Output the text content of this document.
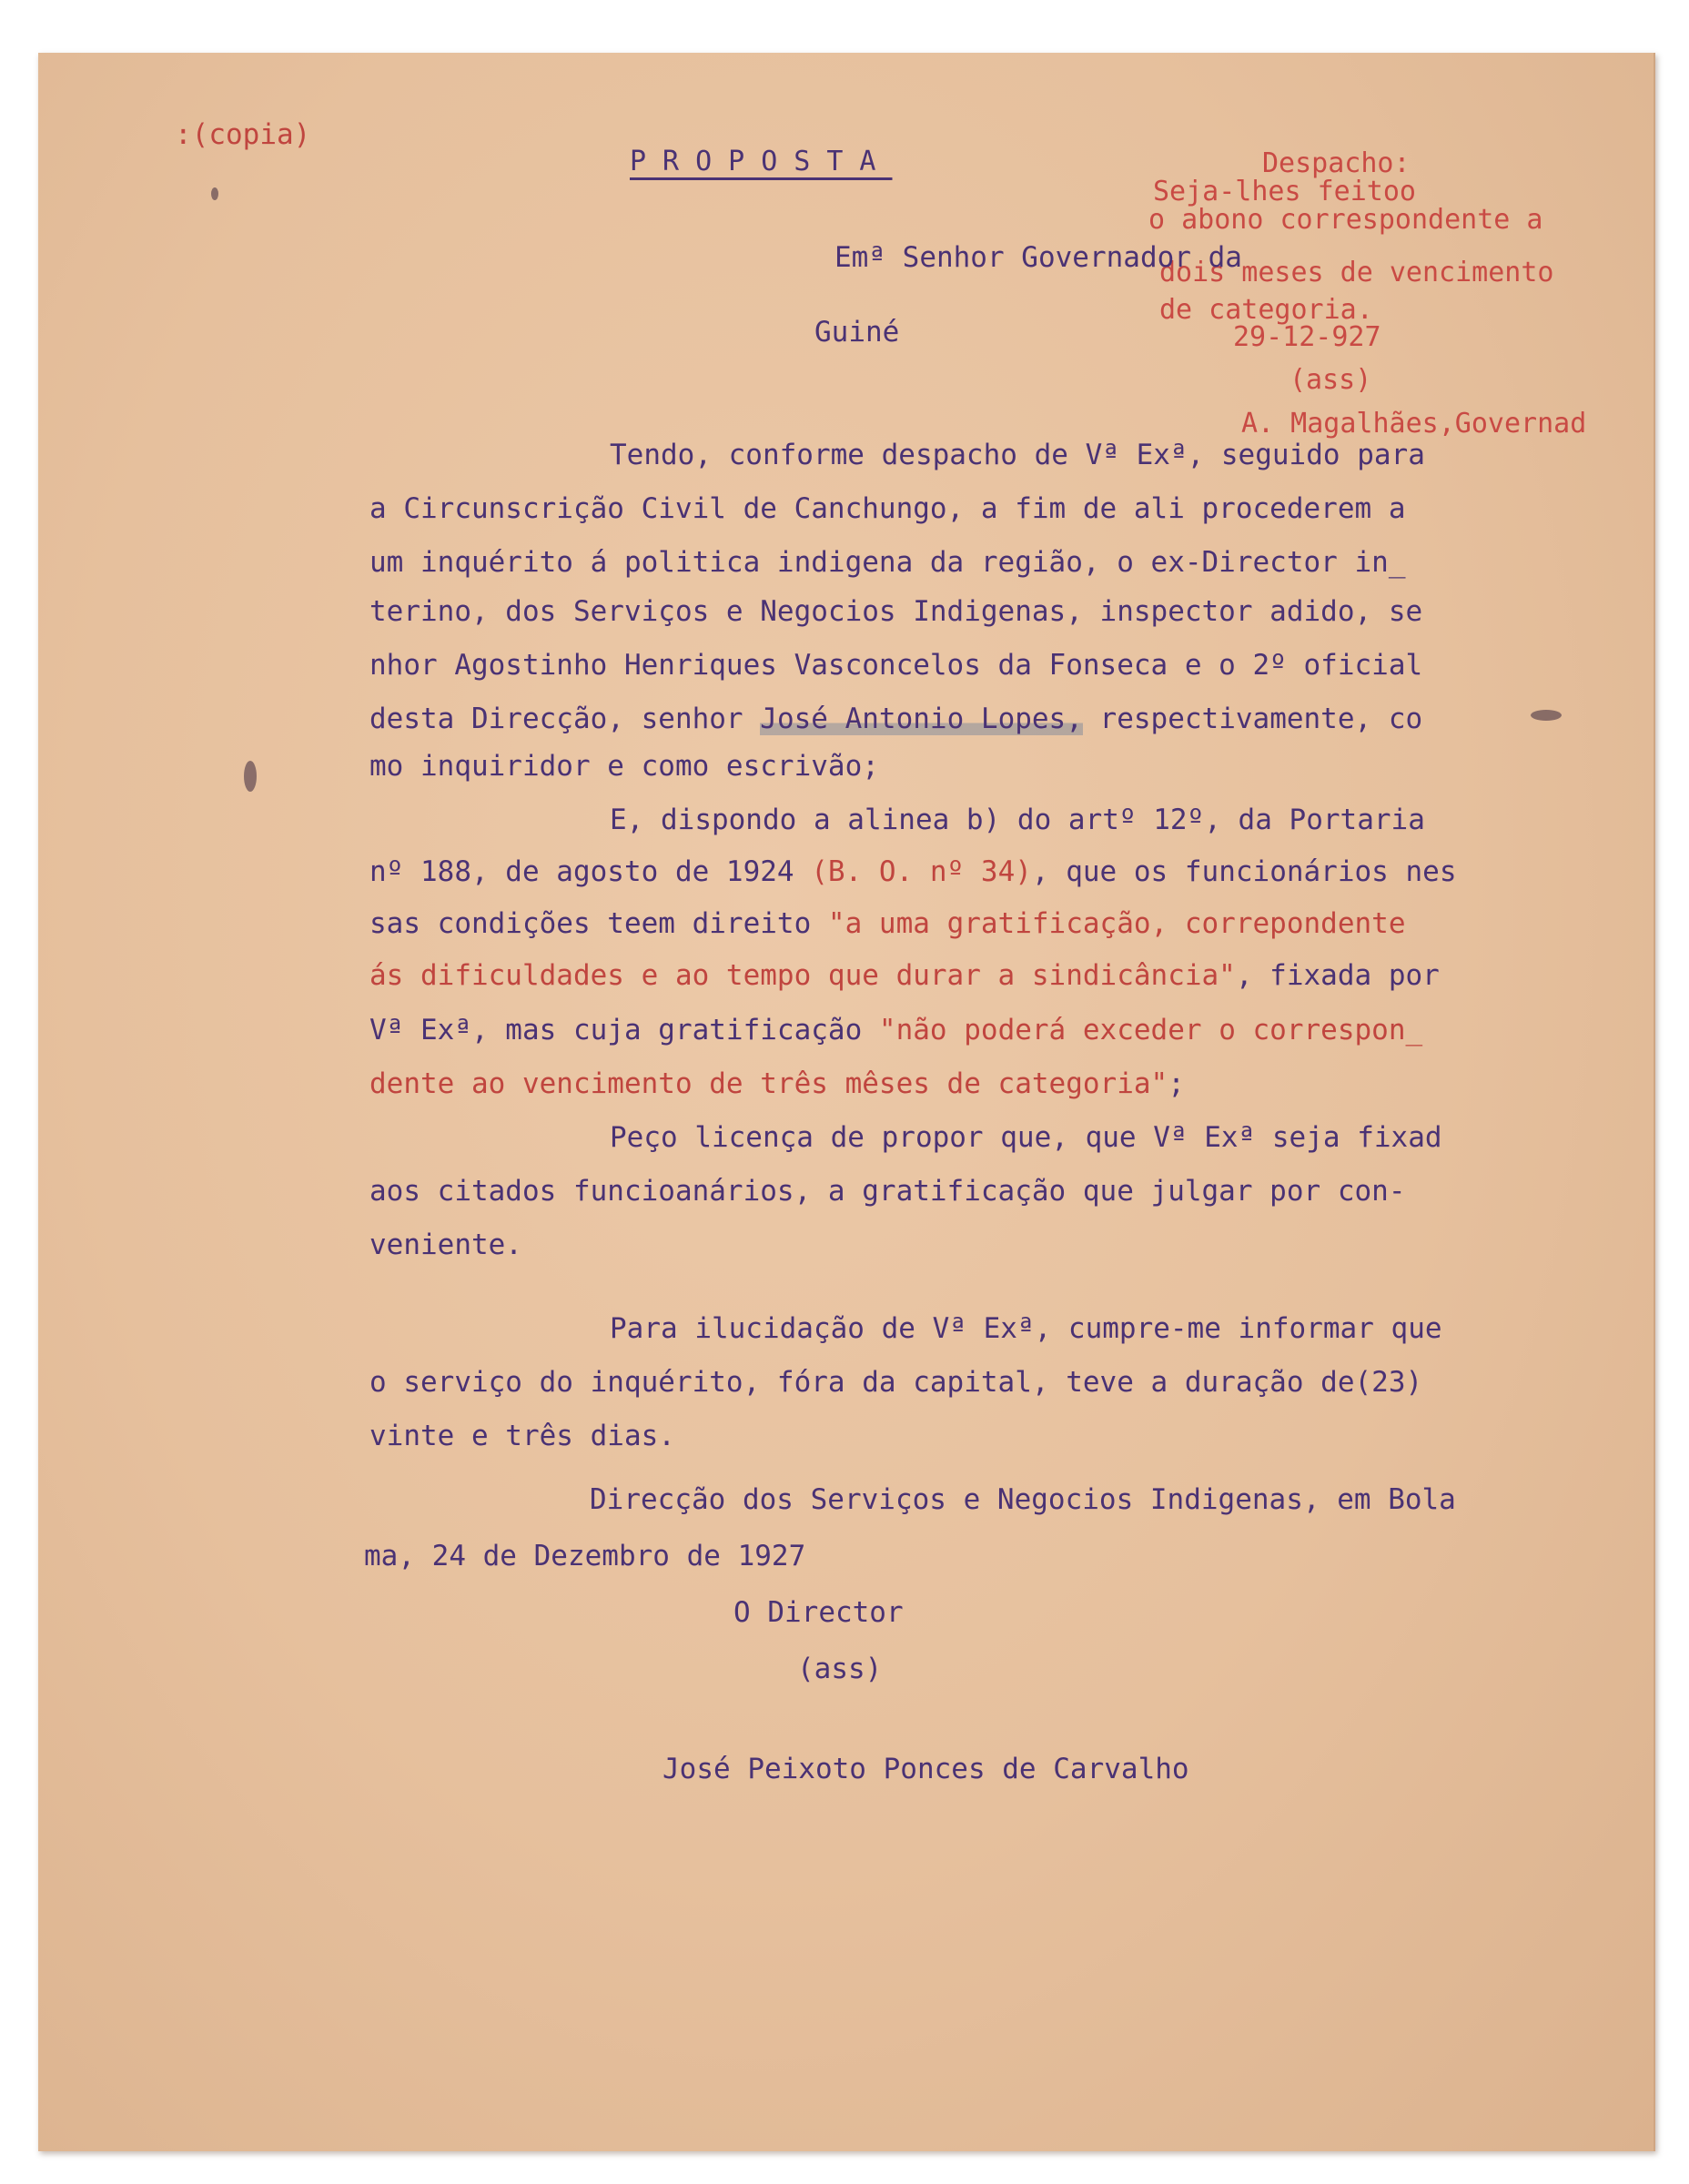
:(copia)
PROPOSTA	Despacho:
Seja-lhes feitoo
o abono correspondente a
dois meses de vencimento
de categoria.
29-12-927
(ass)
A. Magalhães,Governad
Emª Senhor Governador da
Guiné
Tendo, conforme despacho de Vª Exª, seguido para
a Circunscrição Civil de Canchungo, a fim de ali procederem a
um inquérito á politica indigena da região, o ex-Director in_
terino, dos Serviços e Negocios Indigenas, inspector adido, se
nhor Agostinho Henriques Vasconcelos da Fonseca e o 2º oficial
desta Direcção, senhor José Antonio Lopes, respectivamente, co
mo inquiridor e como escrivão;
E, dispondo a alinea b) do artº 12º, da Portaria
nº 188, de agosto de 1924 (B. O. nº 34), que os funcionários nes
sas condições teem direito "a uma gratificação, correpondente
ás dificuldades e ao tempo que durar a sindicância", fixada por
Vª Exª, mas cuja gratificação "não poderá exceder o correspon_
dente ao vencimento de três mêses de categoria";
Peço licença de propor que, que Vª Exª seja fixad
aos citados funcioanários, a gratificação que julgar por con-
veniente.
Para ilucidação de Vª Exª, cumpre-me informar que
o serviço do inquérito, fóra da capital, teve a duração de(23)
vinte e três dias.
Direcção dos Serviços e Negocios Indigenas, em Bola
ma, 24 de Dezembro de 1927
O Director
(ass)
José Peixoto Ponces de Carvalho
